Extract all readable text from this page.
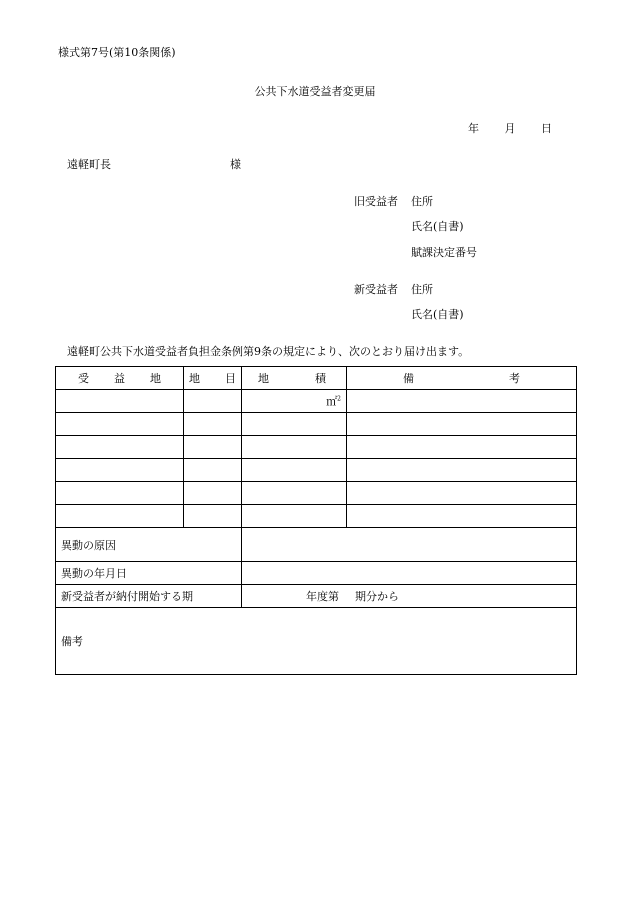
様式第7号(第10条関係)
公共下水道受益者変更届
年 月 日
遠軽町長	様
旧受益者 住所
氏名(自書)
賦課決定番号
新受益者 住所
氏名(自書)
遠軽町公共下水道受益者負担金条例第9条の規定により、次のとおり届け出ます。
受 益 地	地 目	地 積	備 考

		㎡$^2$	

異動の原因			
異動の年月日			
新受益者が納付開始する期		年度第 期分から	
備考			
